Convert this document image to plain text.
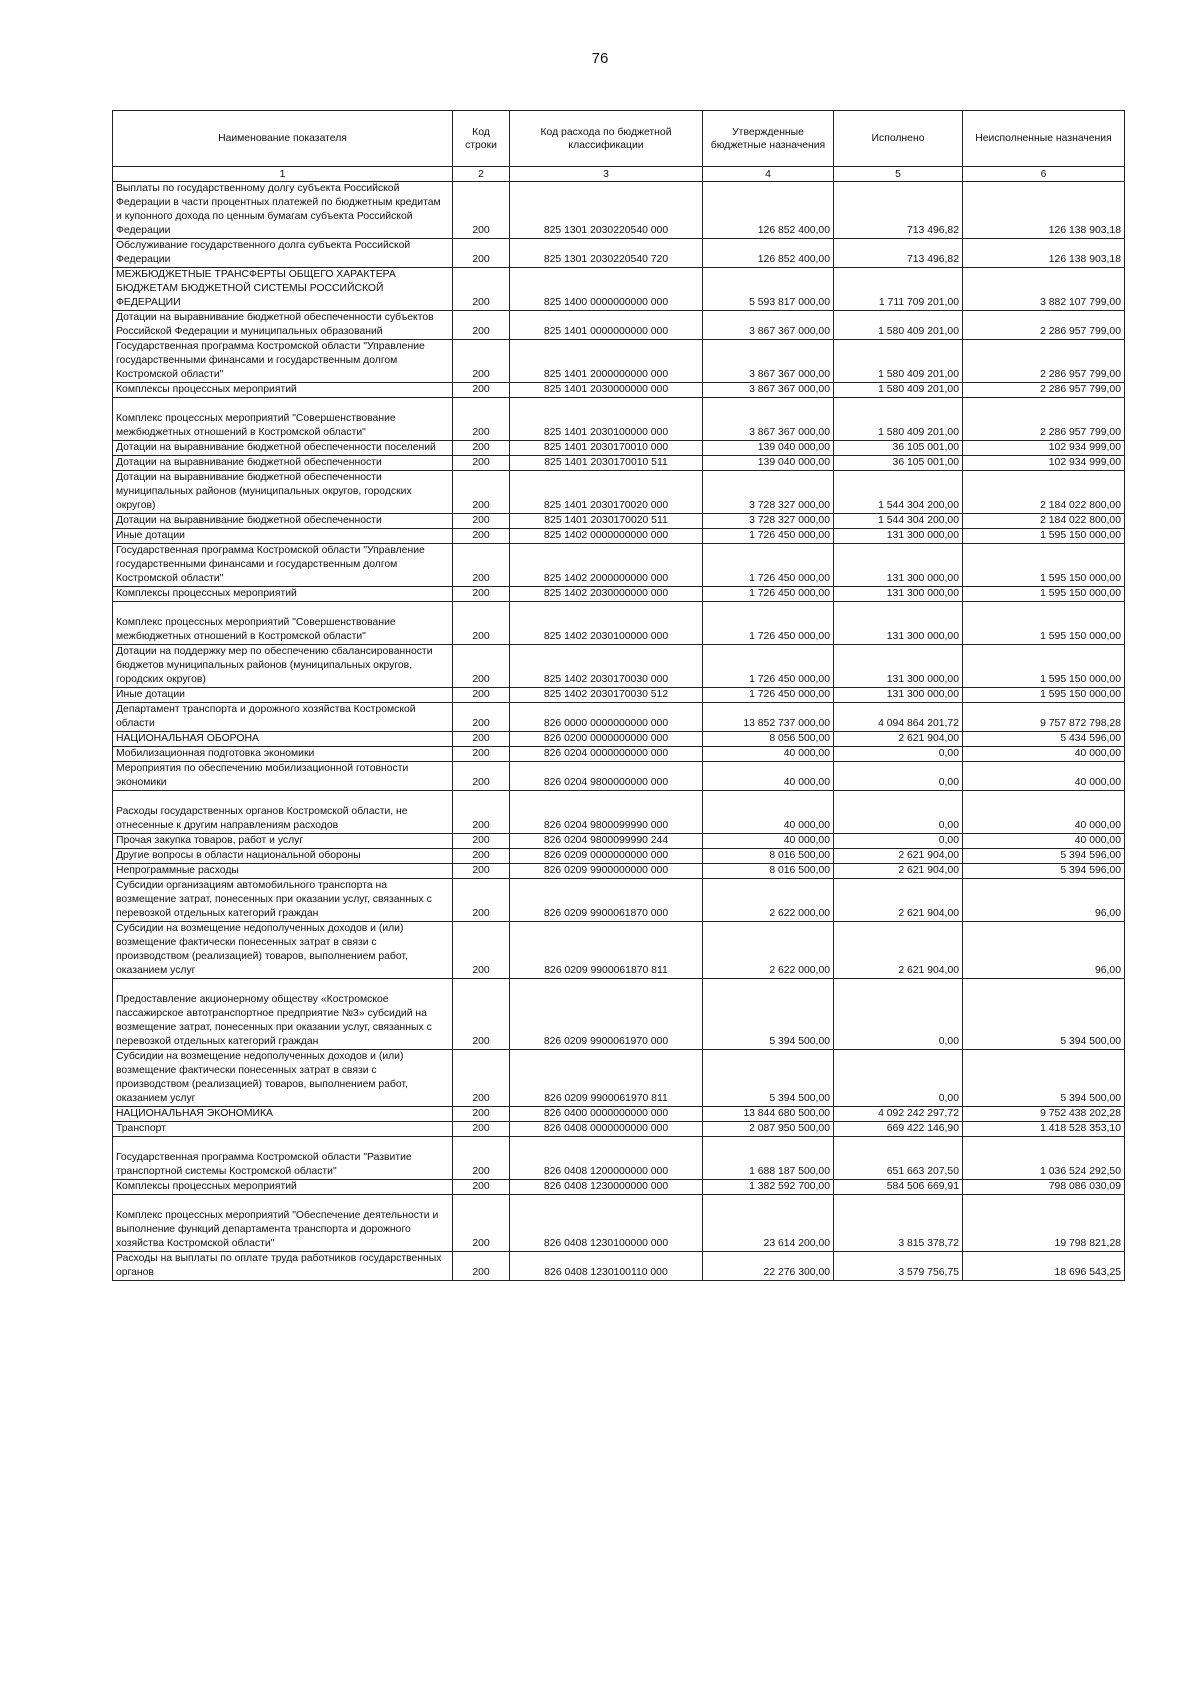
76
Наименование показателя	Код строки	Код расхода по бюджетной классификации	Утвержденные бюджетные назначения	Исполнено	Неисполненные назначения
1	2	3	4	5	6

Выплаты по государственному долгу субъекта Российской Федерации в части процентных платежей по бюджетным кредитам и купонного дохода по ценным бумагам субъекта Российской Федерации	200	825 1301 2030220540 000	126 852 400,00	713 496,82	126 138 903,18

Обслуживание государственного долга субъекта Российской Федерации	200	825 1301 2030220540 720	126 852 400,00	713 496,82	126 138 903,18

МЕЖБЮДЖЕТНЫЕ ТРАНСФЕРТЫ ОБЩЕГО ХАРАКТЕРА БЮДЖЕТАМ БЮДЖЕТНОЙ СИСТЕМЫ РОССИЙСКОЙ ФЕДЕРАЦИИ	200	825 1400 0000000000 000	5 593 817 000,00	1 711 709 201,00	3 882 107 799,00

Дотации на выравнивание бюджетной обеспеченности субъектов Российской Федерации и муниципальных образований	200	825 1401 0000000000 000	3 867 367 000,00	1 580 409 201,00	2 286 957 799,00

Государственная программа Костромской области "Управление государственными финансами и государственным долгом Костромской области"	200	825 1401 2000000000 000	3 867 367 000,00	1 580 409 201,00	2 286 957 799,00

Комплексы процессных мероприятий	200	825 1401 2030000000 000	3 867 367 000,00	1 580 409 201,00	2 286 957 799,00

Комплекс процессных мероприятий "Совершенствование межбюджетных отношений в Костромской области"	200	825 1401 2030100000 000	3 867 367 000,00	1 580 409 201,00	2 286 957 799,00

Дотации на выравнивание бюджетной обеспеченности поселений	200	825 1401 2030170010 000	139 040 000,00	36 105 001,00	102 934 999,00

Дотации на выравнивание бюджетной обеспеченности	200	825 1401 2030170010 511	139 040 000,00	36 105 001,00	102 934 999,00

Дотации на выравнивание бюджетной обеспеченности муниципальных районов (муниципальных округов, городских округов)	200	825 1401 2030170020 000	3 728 327 000,00	1 544 304 200,00	2 184 022 800,00

Дотации на выравнивание бюджетной обеспеченности	200	825 1401 2030170020 511	3 728 327 000,00	1 544 304 200,00	2 184 022 800,00

Иные дотации	200	825 1402 0000000000 000	1 726 450 000,00	131 300 000,00	1 595 150 000,00

Государственная программа Костромской области "Управление государственными финансами и государственным долгом Костромской области"	200	825 1402 2000000000 000	1 726 450 000,00	131 300 000,00	1 595 150 000,00

Комплексы процессных мероприятий	200	825 1402 2030000000 000	1 726 450 000,00	131 300 000,00	1 595 150 000,00

Комплекс процессных мероприятий "Совершенствование межбюджетных отношений в Костромской области"	200	825 1402 2030100000 000	1 726 450 000,00	131 300 000,00	1 595 150 000,00

Дотации на поддержку мер по обеспечению сбалансированности бюджетов муниципальных районов (муниципальных округов, городских округов)	200	825 1402 2030170030 000	1 726 450 000,00	131 300 000,00	1 595 150 000,00

Иные дотации	200	825 1402 2030170030 512	1 726 450 000,00	131 300 000,00	1 595 150 000,00

Департамент транспорта и дорожного хозяйства Костромской области	200	826 0000 0000000000 000	13 852 737 000,00	4 094 864 201,72	9 757 872 798,28

НАЦИОНАЛЬНАЯ ОБОРОНА	200	826 0200 0000000000 000	8 056 500,00	2 621 904,00	5 434 596,00

Мобилизационная подготовка экономики	200	826 0204 0000000000 000	40 000,00	0,00	40 000,00

Мероприятия по обеспечению мобилизационной готовности экономики	200	826 0204 9800000000 000	40 000,00	0,00	40 000,00

Расходы государственных органов Костромской области, не отнесенные к другим направлениям расходов	200	826 0204 9800099990 000	40 000,00	0,00	40 000,00

Прочая закупка товаров, работ и услуг	200	826 0204 9800099990 244	40 000,00	0,00	40 000,00

Другие вопросы в области национальной обороны	200	826 0209 0000000000 000	8 016 500,00	2 621 904,00	5 394 596,00

Непрограммные расходы	200	826 0209 9900000000 000	8 016 500,00	2 621 904,00	5 394 596,00

Субсидии организациям автомобильного транспорта на возмещение затрат, понесенных при оказании услуг, связанных с перевозкой отдельных категорий граждан	200	826 0209 9900061870 000	2 622 000,00	2 621 904,00	96,00

Субсидии на возмещение недополученных доходов и (или) возмещение фактически понесенных затрат в связи с производством (реализацией) товаров, выполнением работ, оказанием услуг	200	826 0209 9900061870 811	2 622 000,00	2 621 904,00	96,00

Предоставление акционерному обществу «Костромское пассажирское автотранспортное предприятие №3» субсидий на возмещение затрат, понесенных при оказании услуг, связанных с перевозкой отдельных категорий граждан	200	826 0209 9900061970 000	5 394 500,00	0,00	5 394 500,00

Субсидии на возмещение недополученных доходов и (или) возмещение фактически понесенных затрат в связи с производством (реализацией) товаров, выполнением работ, оказанием услуг	200	826 0209 9900061970 811	5 394 500,00	0,00	5 394 500,00

НАЦИОНАЛЬНАЯ ЭКОНОМИКА	200	826 0400 0000000000 000	13 844 680 500,00	4 092 242 297,72	9 752 438 202,28

Транспорт	200	826 0408 0000000000 000	2 087 950 500,00	669 422 146,90	1 418 528 353,10

Государственная программа Костромской области "Развитие транспортной системы Костромской области"	200	826 0408 1200000000 000	1 688 187 500,00	651 663 207,50	1 036 524 292,50

Комплексы процессных мероприятий	200	826 0408 1230000000 000	1 382 592 700,00	584 506 669,91	798 086 030,09

Комплекс процессных мероприятий "Обеспечение деятельности и выполнение функций департамента транспорта и дорожного хозяйства Костромской области"	200	826 0408 1230100000 000	23 614 200,00	3 815 378,72	19 798 821,28

Расходы на выплаты по оплате труда работников государственных органов	200	826 0408 1230100110 000	22 276 300,00	3 579 756,75	18 696 543,25
